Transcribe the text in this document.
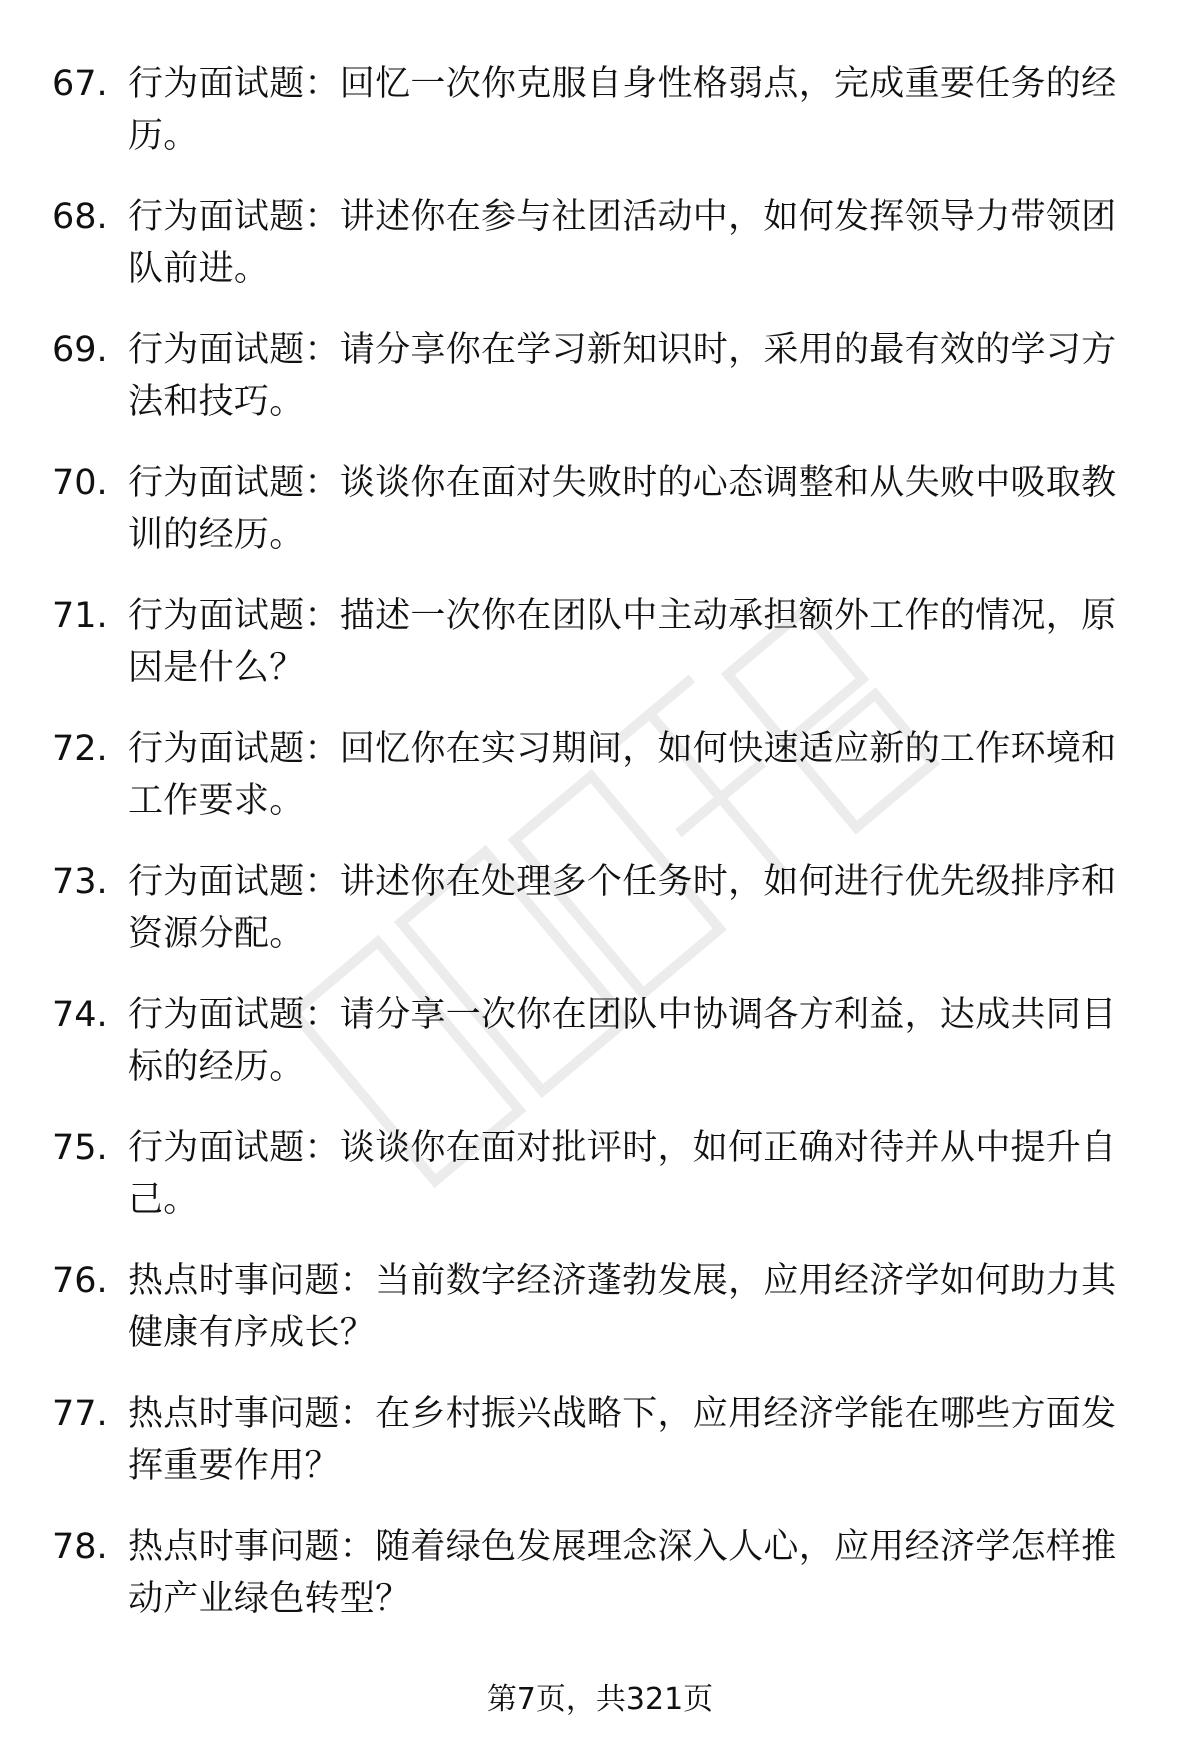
67. 行为面试题：回忆一次你克服自身性格弱点，完成重要任务的经历。
68. 行为面试题：讲述你在参与社团活动中，如何发挥领导力带领团队前进。
69. 行为面试题：请分享你在学习新知识时，采用的最有效的学习方法和技巧。
70. 行为面试题：谈谈你在面对失败时的心态调整和从失败中吸取教训的经历。
71. 行为面试题：描述一次你在团队中主动承担额外工作的情况，原因是什么？
72. 行为面试题：回忆你在实习期间，如何快速适应新的工作环境和工作要求。
73. 行为面试题：讲述你在处理多个任务时，如何进行优先级排序和资源分配。
74. 行为面试题：请分享一次你在团队中协调各方利益，达成共同目标的经历。
75. 行为面试题：谈谈你在面对批评时，如何正确对待并从中提升自己。
76. 热点时事问题：当前数字经济蓬勃发展，应用经济学如何助力其健康有序成长？
77. 热点时事问题：在乡村振兴战略下，应用经济学能在哪些方面发挥重要作用？
78. 热点时事问题：随着绿色发展理念深入人心，应用经济学怎样推动产业绿色转型？
第7页，共321页
